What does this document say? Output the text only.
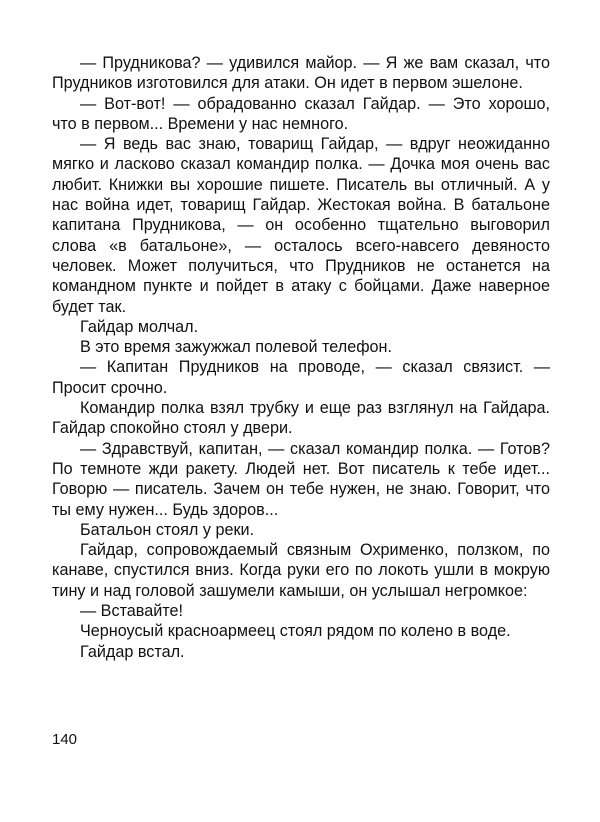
— Прудникова? — удивился майор. — Я же вам сказал, что Прудников изготовился для атаки. Он идет в первом эшелоне.

— Вот-вот! — обрадованно сказал Гайдар. — Это хорошо, что в первом... Времени у нас немного.

— Я ведь вас знаю, товарищ Гайдар, — вдруг неожиданно мягко и ласково сказал командир полка. — Дочка моя очень вас любит. Книжки вы хорошие пишете. Писатель вы отличный. А у нас война идет, товарищ Гайдар. Жестокая война. В батальоне капитана Прудникова, — он особенно тщательно выговорил слова «в батальоне», — осталось всего-навсего девяносто человек. Может получиться, что Прудников не останется на командном пункте и пойдет в атаку с бойцами. Даже наверное будет так.

Гайдар молчал.

В это время зажужжал полевой телефон.

— Капитан Прудников на проводе, — сказал связист. — Просит срочно.

Командир полка взял трубку и еще раз взглянул на Гайдара. Гайдар спокойно стоял у двери.

— Здравствуй, капитан, — сказал командир полка. — Готов? По темноте жди ракету. Людей нет. Вот писатель к тебе идет... Говорю — писатель. Зачем он тебе нужен, не знаю. Говорит, что ты ему нужен... Будь здоров...

Батальон стоял у реки.

Гайдар, сопровождаемый связным Охрименко, ползком, по канаве, спустился вниз. Когда руки его по локоть ушли в мокрую тину и над головой зашумели камыши, он услышал негромкое:

— Вставайте!

Черноусый красноармеец стоял рядом по колено в воде.

Гайдар встал.

140
